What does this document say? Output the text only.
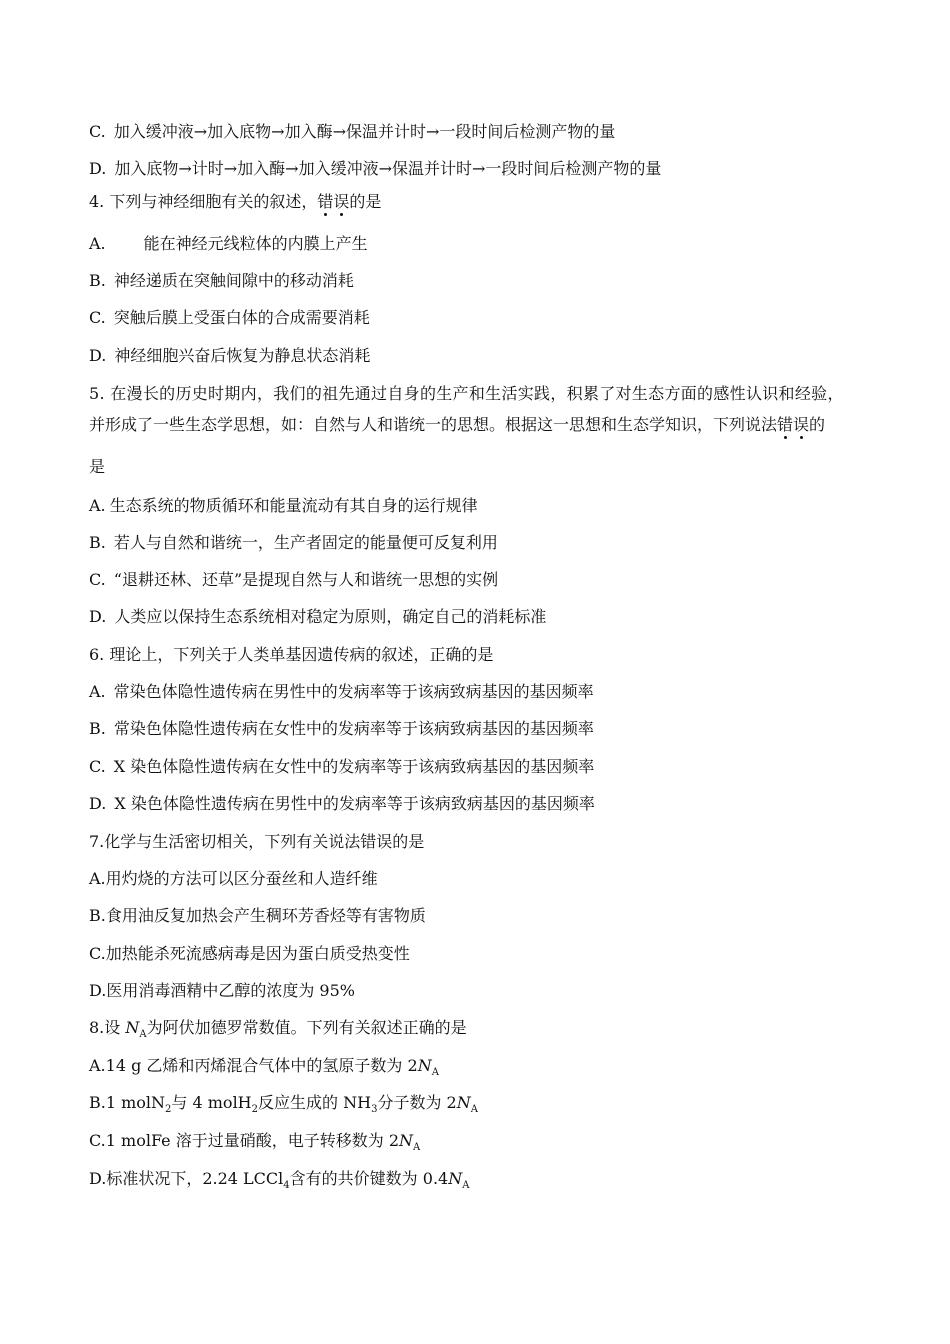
C. 加入缓冲液→加入底物→加入酶→保温并计时→一段时间后检测产物的量
D. 加入底物→计时→加入酶→加入缓冲液→保温并计时→一段时间后检测产物的量
4. 下列与神经细胞有关的叙述，错误的是
A. 能在神经元线粒体的内膜上产生
B. 神经递质在突触间隙中的移动消耗
C. 突触后膜上受蛋白体的合成需要消耗
D. 神经细胞兴奋后恢复为静息状态消耗
5. 在漫长的历史时期内，我们的祖先通过自身的生产和生活实践，积累了对生态方面的感性认识和经验，
并形成了一些生态学思想，如：自然与人和谐统一的思想。根据这一思想和生态学知识，下列说法错误的
是
A. 生态系统的物质循环和能量流动有其自身的运行规律
B. 若人与自然和谐统一，生产者固定的能量便可反复利用
C. “退耕还林、还草”是提现自然与人和谐统一思想的实例
D. 人类应以保持生态系统相对稳定为原则，确定自己的消耗标准
6. 理论上，下列关于人类单基因遗传病的叙述，正确的是
A. 常染色体隐性遗传病在男性中的发病率等于该病致病基因的基因频率
B. 常染色体隐性遗传病在女性中的发病率等于该病致病基因的基因频率
C. X 染色体隐性遗传病在女性中的发病率等于该病致病基因的基因频率
D. X 染色体隐性遗传病在男性中的发病率等于该病致病基因的基因频率
7.化学与生活密切相关，下列有关说法错误的是
A.用灼烧的方法可以区分蚕丝和人造纤维
B.食用油反复加热会产生稠环芳香烃等有害物质
C.加热能杀死流感病毒是因为蛋白质受热变性
D.医用消毒酒精中乙醇的浓度为 95%
8.设 $N_A$为阿伏加德罗常数值。下列有关叙述正确的是
A.14 g 乙烯和丙烯混合气体中的氢原子数为 $2N_A$
B.1 molN$_2$与 4 molH$_2$反应生成的 $NH_3$分子数为 $2N_A$
C.1 molFe 溶于过量硝酸，电子转移数为 $2N_A$
D.标准状况下，2.24 LCCl$_4$含有的共价键数为 $0.4N_A$
